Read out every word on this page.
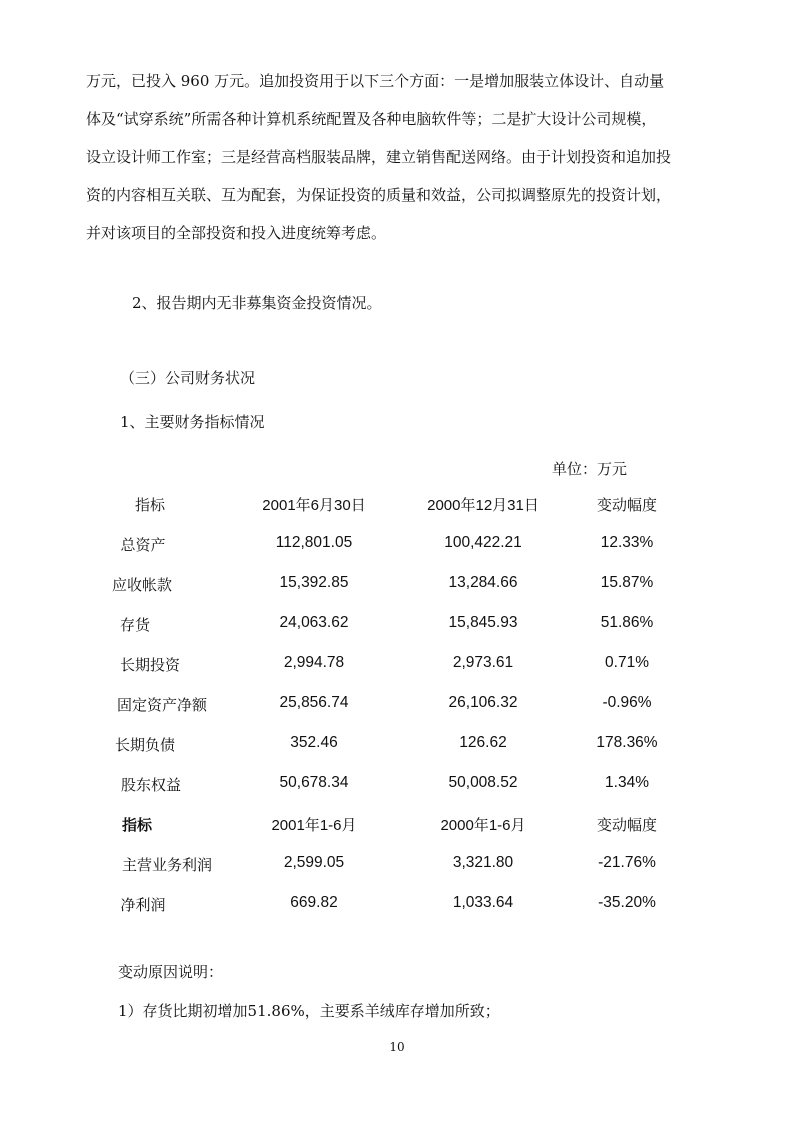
万元，已投入 960 万元。追加投资用于以下三个方面：一是增加服装立体设计、自动量
体及“试穿系统”所需各种计算机系统配置及各种电脑软件等；二是扩大设计公司规模，
设立设计师工作室；三是经营高档服装品牌，建立销售配送网络。由于计划投资和追加投
资的内容相互关联、互为配套，为保证投资的质量和效益，公司拟调整原先的投资计划，
并对该项目的全部投资和投入进度统筹考虑。
2、报告期内无非募集资金投资情况。
（三）公司财务状况
1、主要财务指标情况
单位：万元
指标	2001年6月30日	2000年12月31日	变动幅度
总资产	112,801.05	100,422.21	12.33%
应收帐款	15,392.85	13,284.66	15.87%
存货	24,063.62	15,845.93	51.86%
长期投资	2,994.78	2,973.61	0.71%
固定资产净额	25,856.74	26,106.32	-0.96%
长期负债	352.46	126.62	178.36%
股东权益	50,678.34	50,008.52	1.34%
指标	2001年1-6月	2000年1-6月	变动幅度
主营业务利润	2,599.05	3,321.80	-21.76%
净利润	669.82	1,033.64	-35.20%
变动原因说明：
1）存货比期初增加51.86%，主要系羊绒库存增加所致；
10
